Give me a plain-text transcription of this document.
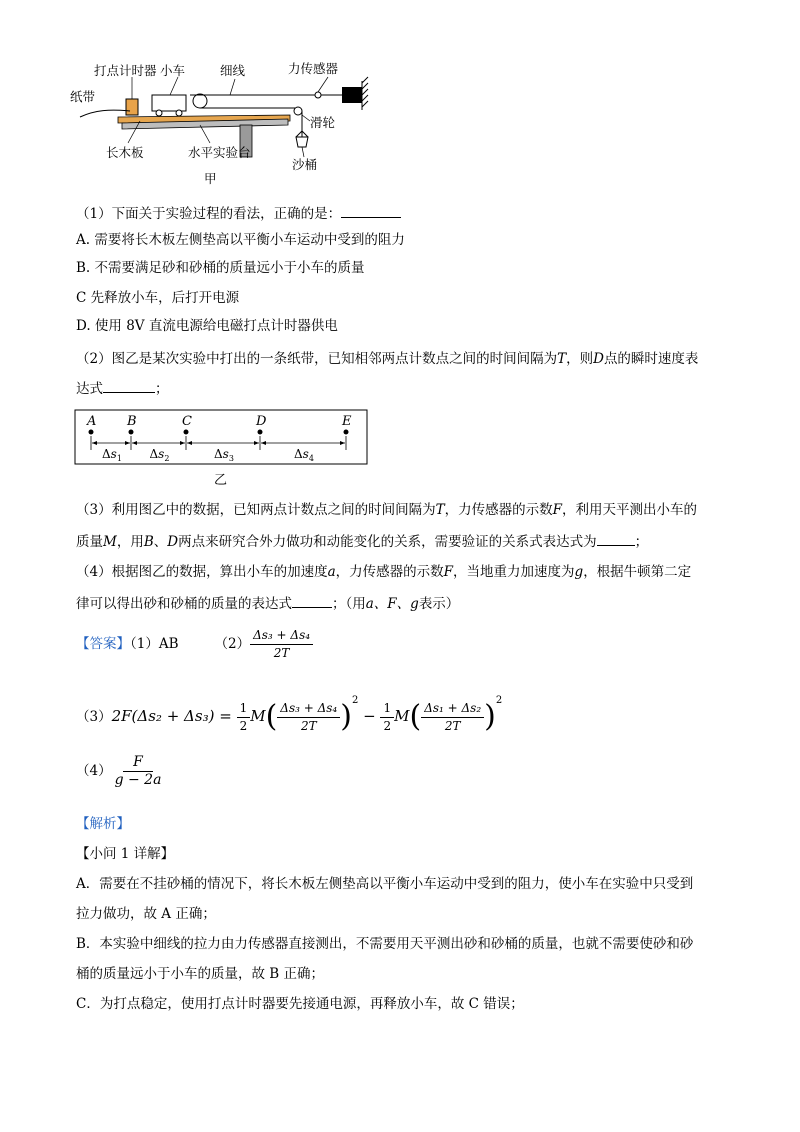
打点计时器 小车	细线	力传感器
纸带
滑轮
长木板	水平实验台
沙桶
甲
（1）下面关于实验过程的看法，正确的是：
A. 需要将长木板左侧垫高以平衡小车运动中受到的阻力
B. 不需要满足砂和砂桶的质量远小于小车的质量
C 先释放小车，后打开电源
D. 使用 8V 直流电源给电磁打点计时器供电
（2）图乙是某次实验中打出的一条纸带，已知相邻两点计数点之间的时间间隔为T，则D点的瞬时速度表
达式	；
A B	C	D	E
$\Delta s_1$ $\Delta s_2$	$\Delta s_3$	$\Delta s_4$
乙
（3）利用图乙中的数据，已知两点计数点之间的时间间隔为T，力传感器的示数F，利用天平测出小车的
质量M，用B、D两点来研究合外力做功和动能变化的关系，需要验证的关系式表达式为	；
（4）根据图乙的数据，算出小车的加速度a，力传感器的示数F，当地重力加速度为g，根据牛顿第二定
律可以得出砂和砂桶的质量的表达式	；（用a、F、g表示）
【答案】（1）AB	$(2) \frac{\text{Δs₃ + Δs₄}}{2T}$
$(3)2F(\Delta s_2 + \Delta s_3) = \frac{1}{2} M( \frac{\text{Δs₃ + Δs₄}}{2T} )^2 - \frac{1}{2} M( \frac{\text{Δs₁ + Δs₂}}{2T} )^2$
$(4) \frac{F}{g - 2a}$
【解析】
【小问 1 详解】
A．需要在不挂砂桶的情况下，将长木板左侧垫高以平衡小车运动中受到的阻力，使小车在实验中只受到
拉力做功，故 A 正确；
B．本实验中细线的拉力由力传感器直接测出，不需要用天平测出砂和砂桶的质量，也就不需要使砂和砂
桶的质量远小于小车的质量，故 B 正确；
C．为打点稳定，使用打点计时器要先接通电源，再释放小车，故 C 错误；
